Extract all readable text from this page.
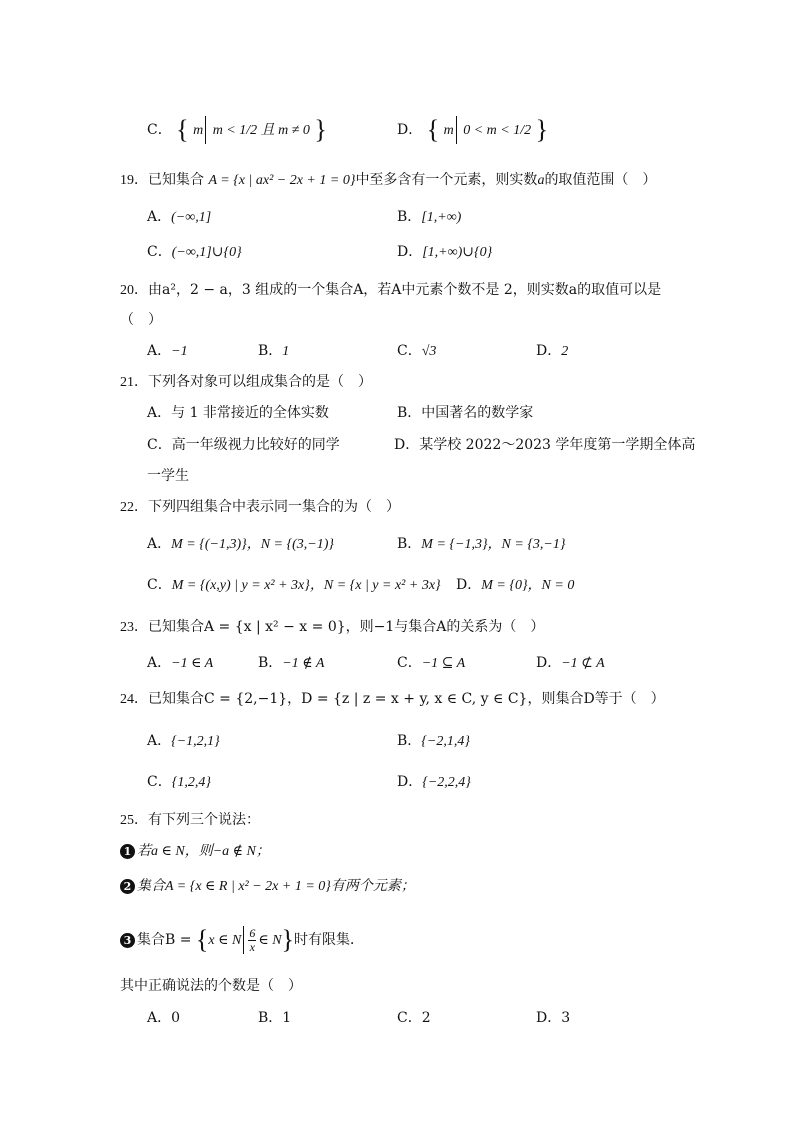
C． { m m < 1/2 且 m ≠ 0 }	D． { m 0 < m < 1/2 }
19．已知集合 A = {x | ax² − 2x + 1 = 0}中至多含有一个元素，则实数a的取值范围（　）
A．(−∞,1]	B．[1,+∞)
C．(−∞,1]∪{0}	D．[1,+∞)∪{0}
20．由a²，2 − a，3 组成的一个集合A，若A中元素个数不是 2，则实数a的取值可以是
（　）
A．−1	B．1	C．√3	D．2
21．下列各对象可以组成集合的是（　）
A．与 1 非常接近的全体实数	B．中国著名的数学家
C．高一年级视力比较好的同学	D．某学校 2022～2023 学年度第一学期全体高
一学生
22．下列四组集合中表示同一集合的为（　）
A．M = {(−1,3)}，N = {(3,−1)}	B．M = {−1,3}，N = {3,−1}
C．M = {(x,y) | y = x² + 3x}，N = {x | y = x² + 3x} D．M = {0}，N = 0
23．已知集合A = {x | x² − x = 0}，则−1与集合A的关系为（　）
A．−1 ∈ A	B．−1 ∉ A	C．−1 ⊆ A	D．−1 ⊄ A
24．已知集合C = {2,−1}，D = {z | z = x + y, x ∈ C, y ∈ C}，则集合D等于（　）
A．{−1,2,1}	B．{−2,1,4}
C．{1,2,4}	D．{−2,2,4}
25．有下列三个说法：
1 若a ∈ N，则−a ∉ N；
2 集合A = {x ∈ R | x² − 2x + 1 = 0}有两个元素；
3 集合B = {x ∈ N $\frac{6}{x}$ ∈ N}时有限集．
其中正确说法的个数是（　）
A．0	B．1	C．2	D．3
